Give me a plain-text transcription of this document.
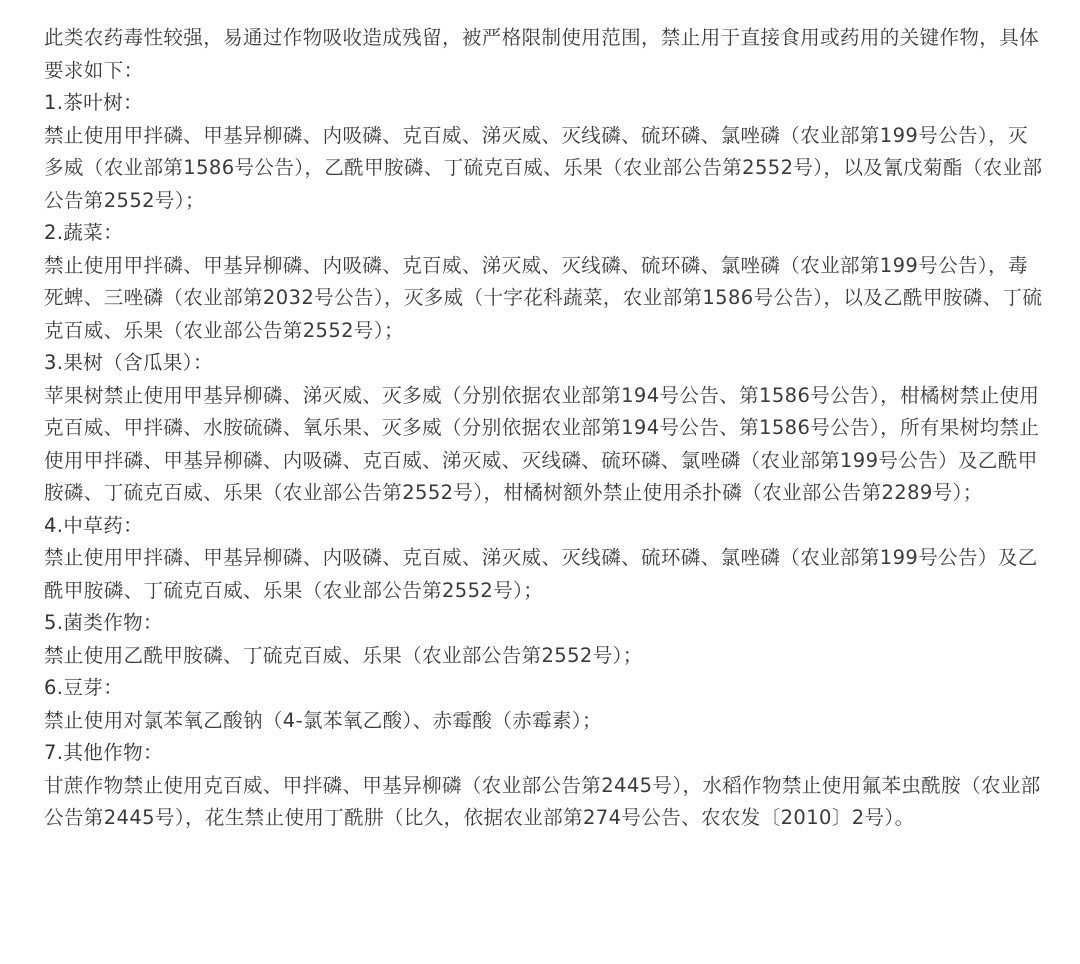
此类农药毒性较强，易通过作物吸收造成残留，被严格限制使用范围，禁止用于直接食用或药用的关键作物，具体要求如下：

1.茶叶树：

禁止使用甲拌磷、甲基异柳磷、内吸磷、克百威、涕灭威、灭线磷、硫环磷、氯唑磷（农业部第199号公告），灭多威（农业部第1586号公告），乙酰甲胺磷、丁硫克百威、乐果（农业部公告第2552号），以及氰戊菊酯（农业部公告第2552号）；

2.蔬菜：

禁止使用甲拌磷、甲基异柳磷、内吸磷、克百威、涕灭威、灭线磷、硫环磷、氯唑磷（农业部第199号公告），毒死蜱、三唑磷（农业部第2032号公告），灭多威（十字花科蔬菜，农业部第1586号公告），以及乙酰甲胺磷、丁硫克百威、乐果（农业部公告第2552号）；

3.果树（含瓜果）：

苹果树禁止使用甲基异柳磷、涕灭威、灭多威（分别依据农业部第194号公告、第1586号公告），柑橘树禁止使用克百威、甲拌磷、水胺硫磷、氧乐果、灭多威（分别依据农业部第194号公告、第1586号公告），所有果树均禁止使用甲拌磷、甲基异柳磷、内吸磷、克百威、涕灭威、灭线磷、硫环磷、氯唑磷（农业部第199号公告）及乙酰甲胺磷、丁硫克百威、乐果（农业部公告第2552号），柑橘树额外禁止使用杀扑磷（农业部公告第2289号）；

4.中草药：

禁止使用甲拌磷、甲基异柳磷、内吸磷、克百威、涕灭威、灭线磷、硫环磷、氯唑磷（农业部第199号公告）及乙酰甲胺磷、丁硫克百威、乐果（农业部公告第2552号）；

5.菌类作物：

禁止使用乙酰甲胺磷、丁硫克百威、乐果（农业部公告第2552号）；

6.豆芽：

禁止使用对氯苯氧乙酸钠（4-氯苯氧乙酸）、赤霉酸（赤霉素）；

7.其他作物：

甘蔗作物禁止使用克百威、甲拌磷、甲基异柳磷（农业部公告第2445号），水稻作物禁止使用氟苯虫酰胺（农业部公告第2445号），花生禁止使用丁酰肼（比久，依据农业部第274号公告、农农发〔2010〕2号）。
